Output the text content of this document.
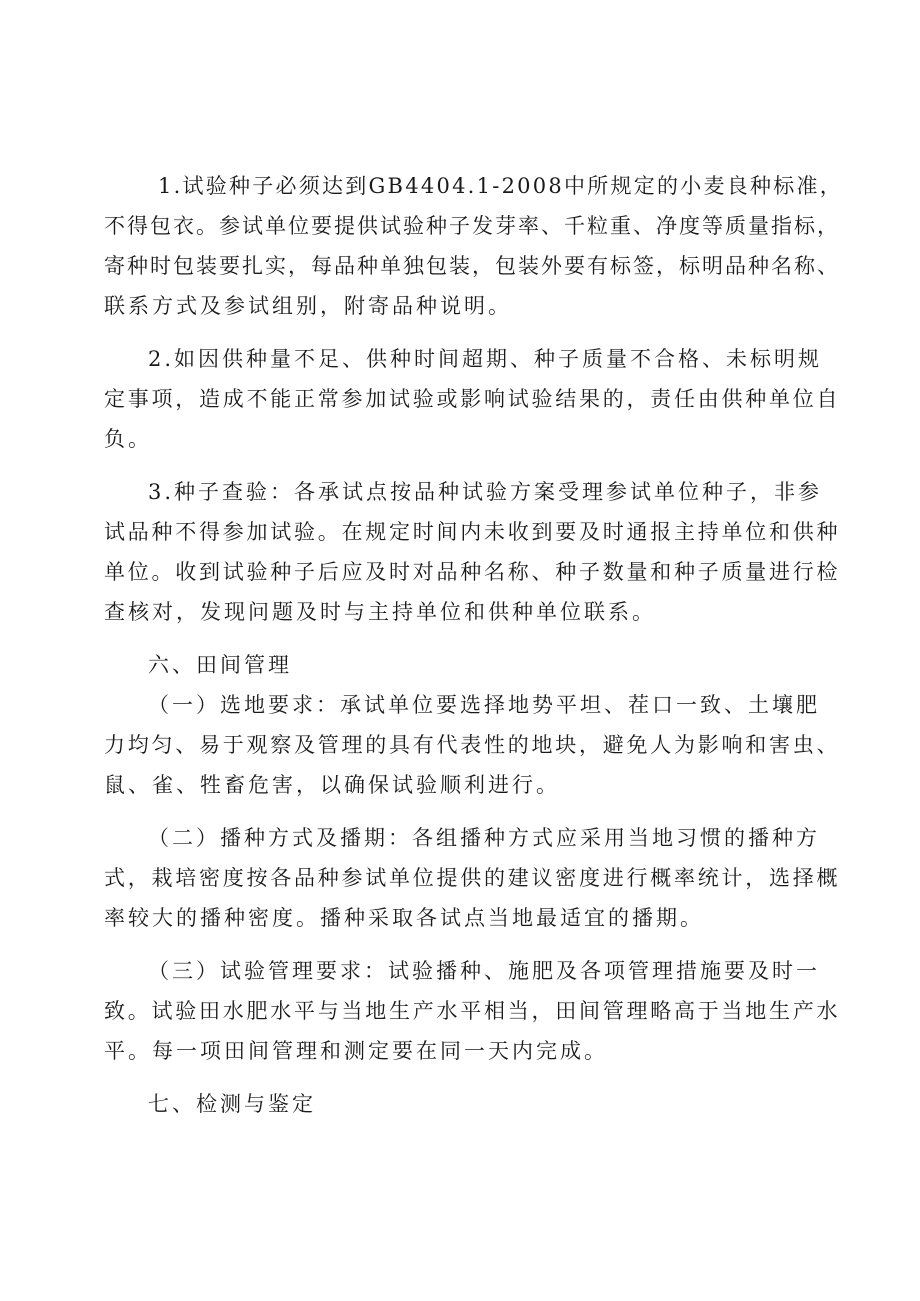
1.试验种子必须达到GB4404.1-2008中所规定的小麦良种标准，
不得包衣。参试单位要提供试验种子发芽率、千粒重、净度等质量指标，
寄种时包装要扎实，每品种单独包装，包装外要有标签，标明品种名称、
联系方式及参试组别，附寄品种说明。
2.如因供种量不足、供种时间超期、种子质量不合格、未标明规
定事项，造成不能正常参加试验或影响试验结果的，责任由供种单位自
负。
3.种子查验：各承试点按品种试验方案受理参试单位种子，非参
试品种不得参加试验。在规定时间内未收到要及时通报主持单位和供种
单位。收到试验种子后应及时对品种名称、种子数量和种子质量进行检
查核对，发现问题及时与主持单位和供种单位联系。
六、田间管理
（一）选地要求：承试单位要选择地势平坦、茬口一致、土壤肥
力均匀、易于观察及管理的具有代表性的地块，避免人为影响和害虫、
鼠、雀、牲畜危害，以确保试验顺利进行。
（二）播种方式及播期：各组播种方式应采用当地习惯的播种方
式，栽培密度按各品种参试单位提供的建议密度进行概率统计，选择概
率较大的播种密度。播种采取各试点当地最适宜的播期。
（三）试验管理要求：试验播种、施肥及各项管理措施要及时一
致。试验田水肥水平与当地生产水平相当，田间管理略高于当地生产水
平。每一项田间管理和测定要在同一天内完成。
七、检测与鉴定
